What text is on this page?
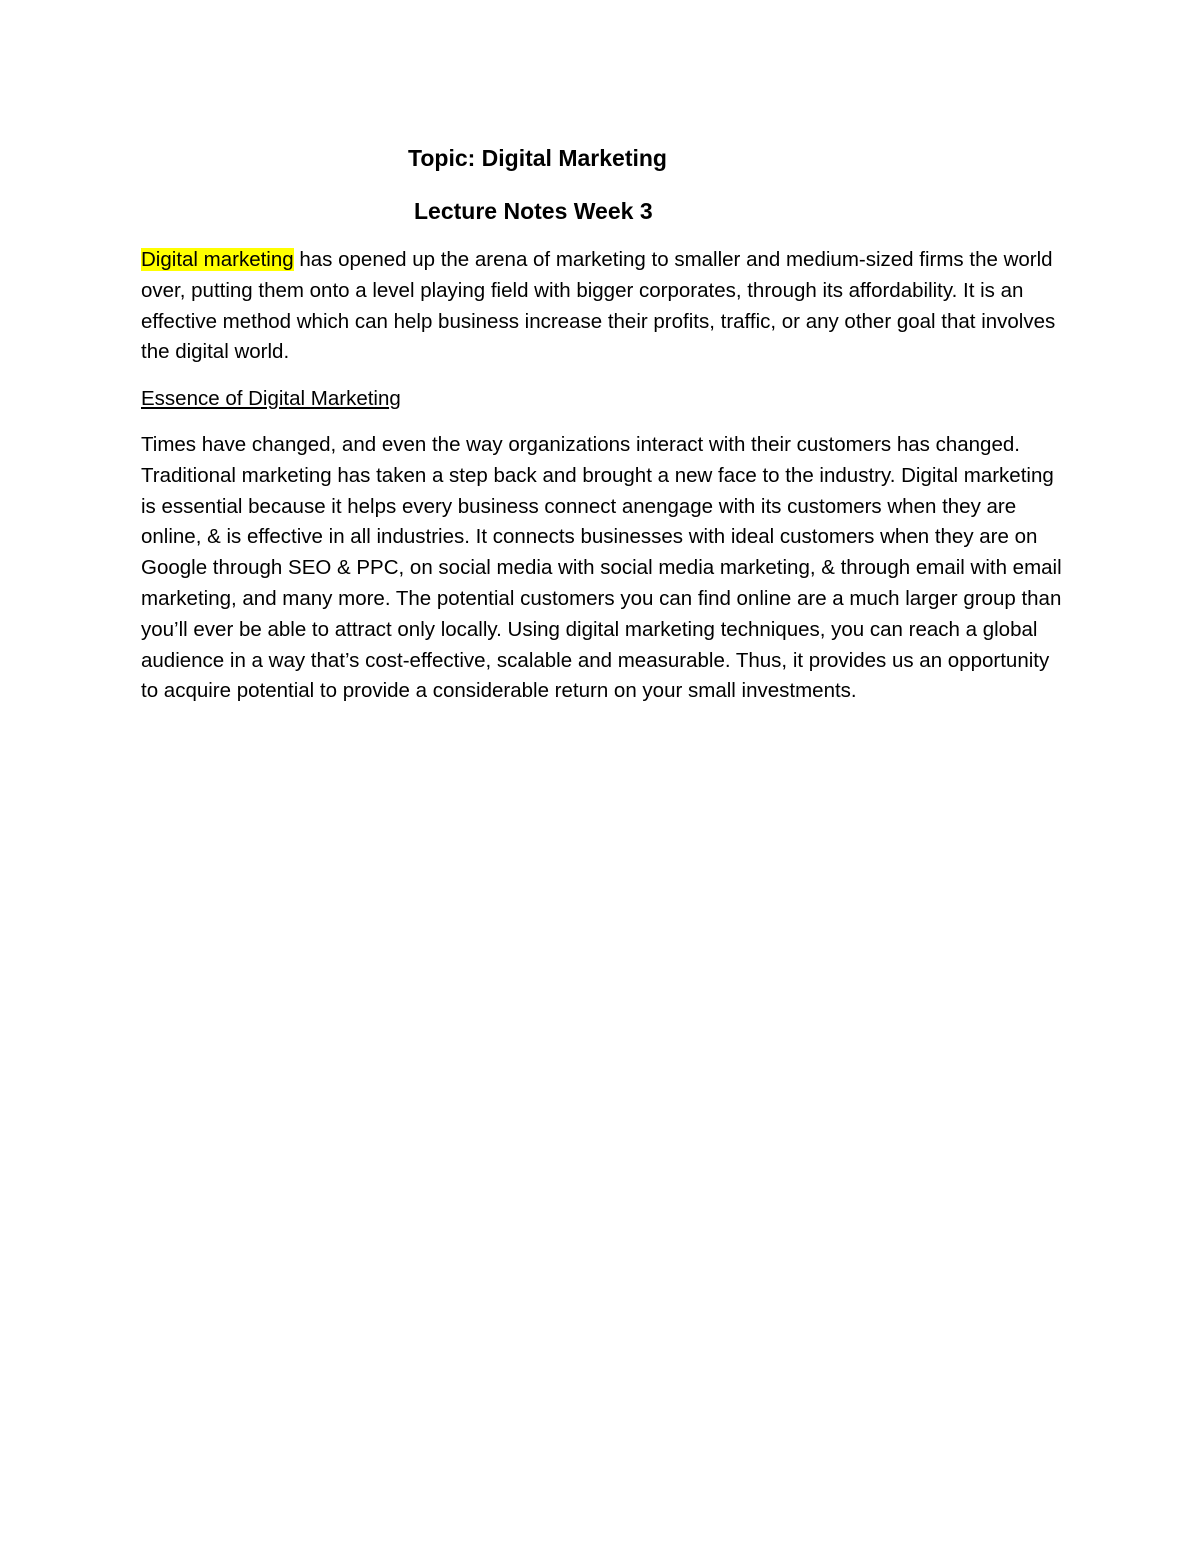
Topic: Digital Marketing
Lecture Notes Week 3

Digital marketing has opened up the arena of marketing to smaller and medium-sized firms the world over, putting them onto a level playing field with bigger corporates, through its affordability. It is an effective method which can help business increase their profits, traffic, or any other goal that involves the digital world.

Essence of Digital Marketing

Times have changed, and even the way organizations interact with their customers has changed. Traditional marketing has taken a step back and brought a new face to the industry. Digital marketing is essential because it helps every business connect anengage with its customers when they are online, & is effective in all industries. It connects businesses with ideal customers when they are on Google through SEO & PPC, on social media with social media marketing, & through email with email marketing, and many more. The potential customers you can find online are a much larger group than you’ll ever be able to attract only locally. Using digital marketing techniques, you can reach a global audience in a way that’s cost-effective, scalable and measurable. Thus, it provides us an opportunity to acquire potential to provide a considerable return on your small investments.
